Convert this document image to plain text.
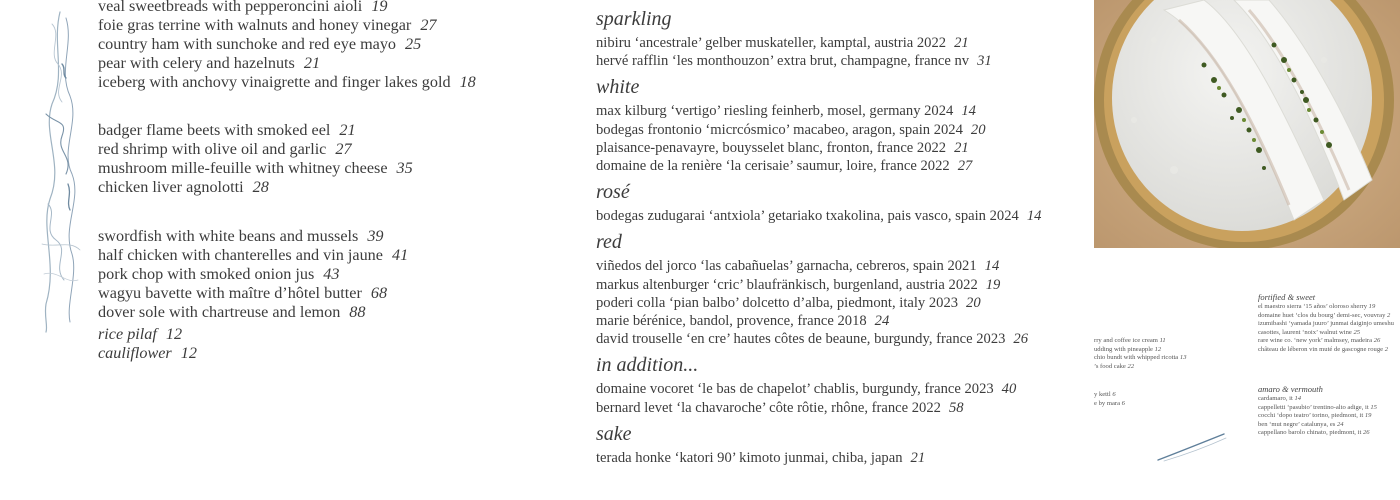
veal sweetbreads with pepperoncini aioli 19
foie gras terrine with walnuts and honey vinegar 27
country ham with sunchoke and red eye mayo 25
pear with celery and hazelnuts 21
iceberg with anchovy vinaigrette and finger lakes gold 18
badger flame beets with smoked eel 21
red shrimp with olive oil and garlic 27
mushroom mille-feuille with whitney cheese 35
chicken liver agnolotti 28
swordfish with white beans and mussels 39
half chicken with chanterelles and vin jaune 41
pork chop with smoked onion jus 43
wagyu bavette with maître d’hôtel butter 68
dover sole with chartreuse and lemon 88
rice pilaf 12
cauliflower 12
sparkling
nibiru ‘ancestrale’ gelber muskateller, kamptal, austria 2022 21
hervé rafflin ‘les monthouzon’ extra brut, champagne, france nv 31
white
max kilburg ‘vertigo’ riesling feinherb, mosel, germany 2024 14
bodegas frontonio ‘micrcósmico’ macabeo, aragon, spain 2024 20
plaisance-penavayre, bouysselet blanc, fronton, france 2022 21
domaine de la renière ‘la cerisaie’ saumur, loire, france 2022 27
rosé
bodegas zudugarai ‘antxiola’ getariako txakolina, pais vasco, spain 2024 14
red
viñedos del jorco ‘las cabañuelas’ garnacha, cebreros, spain 2021 14
markus altenburger ‘cric’ blaufränkisch, burgenland, austria 2022 19
poderi colla ‘pian balbo’ dolcetto d’alba, piedmont, italy 2023 20
marie bérénice, bandol, provence, france 2018 24
david trouselle ‘en cre’ hautes côtes de beaune, burgundy, france 2023 26
in addition...
domaine vocoret ‘le bas de chapelot’ chablis, burgundy, france 2023 40
bernard levet ‘la chavaroche’ côte rôtie, rhône, france 2022 58
sake
terada honke ‘katori 90’ kimoto junmai, chiba, japan 21
rry and coffee ice cream 11
udding with pineapple 12
chio bundt with whipped ricotta 13
’s food cake 22
y kettl 6
e by mara 6
fortified & sweet
el maestro sierra ‘15 años’ oloroso sherry 19
domaine huet ‘clos du bourg’ demi-sec, vouvray 2
izumibashi ‘yamada juuro’ junmai daiginjo umeshu
casottes, laurent ‘noix’ walnut wine 25
rare wine co. ‘new york’ malmsey, madeira 26
château de léberon vin muté de gascogne rouge 2
amaro & vermouth
cardamaro, it 14
cappelletti ‘pasubio’ trentino-alto adige, it 15
cocchi ‘dopo teatro’ torino, piedmont, it 19
ben ‘mut negre’ catalunya, es 24
cappellano barolo chinato, piedmont, it 26
